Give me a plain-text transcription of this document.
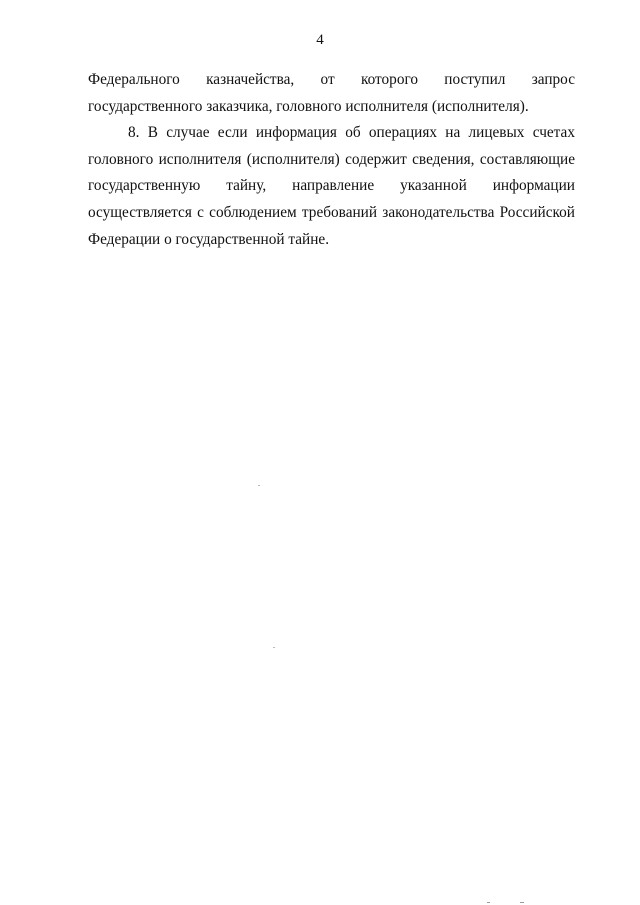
4

Федерального казначейства, от которого поступил запрос государственного заказчика, головного исполнителя (исполнителя).

8. В случае если информация об операциях на лицевых счетах головного исполнителя (исполнителя) содержит сведения, составляющие государственную тайну, направление указанной информации осуществляется с соблюдением требований законодательства Российской Федерации о государственной тайне.
